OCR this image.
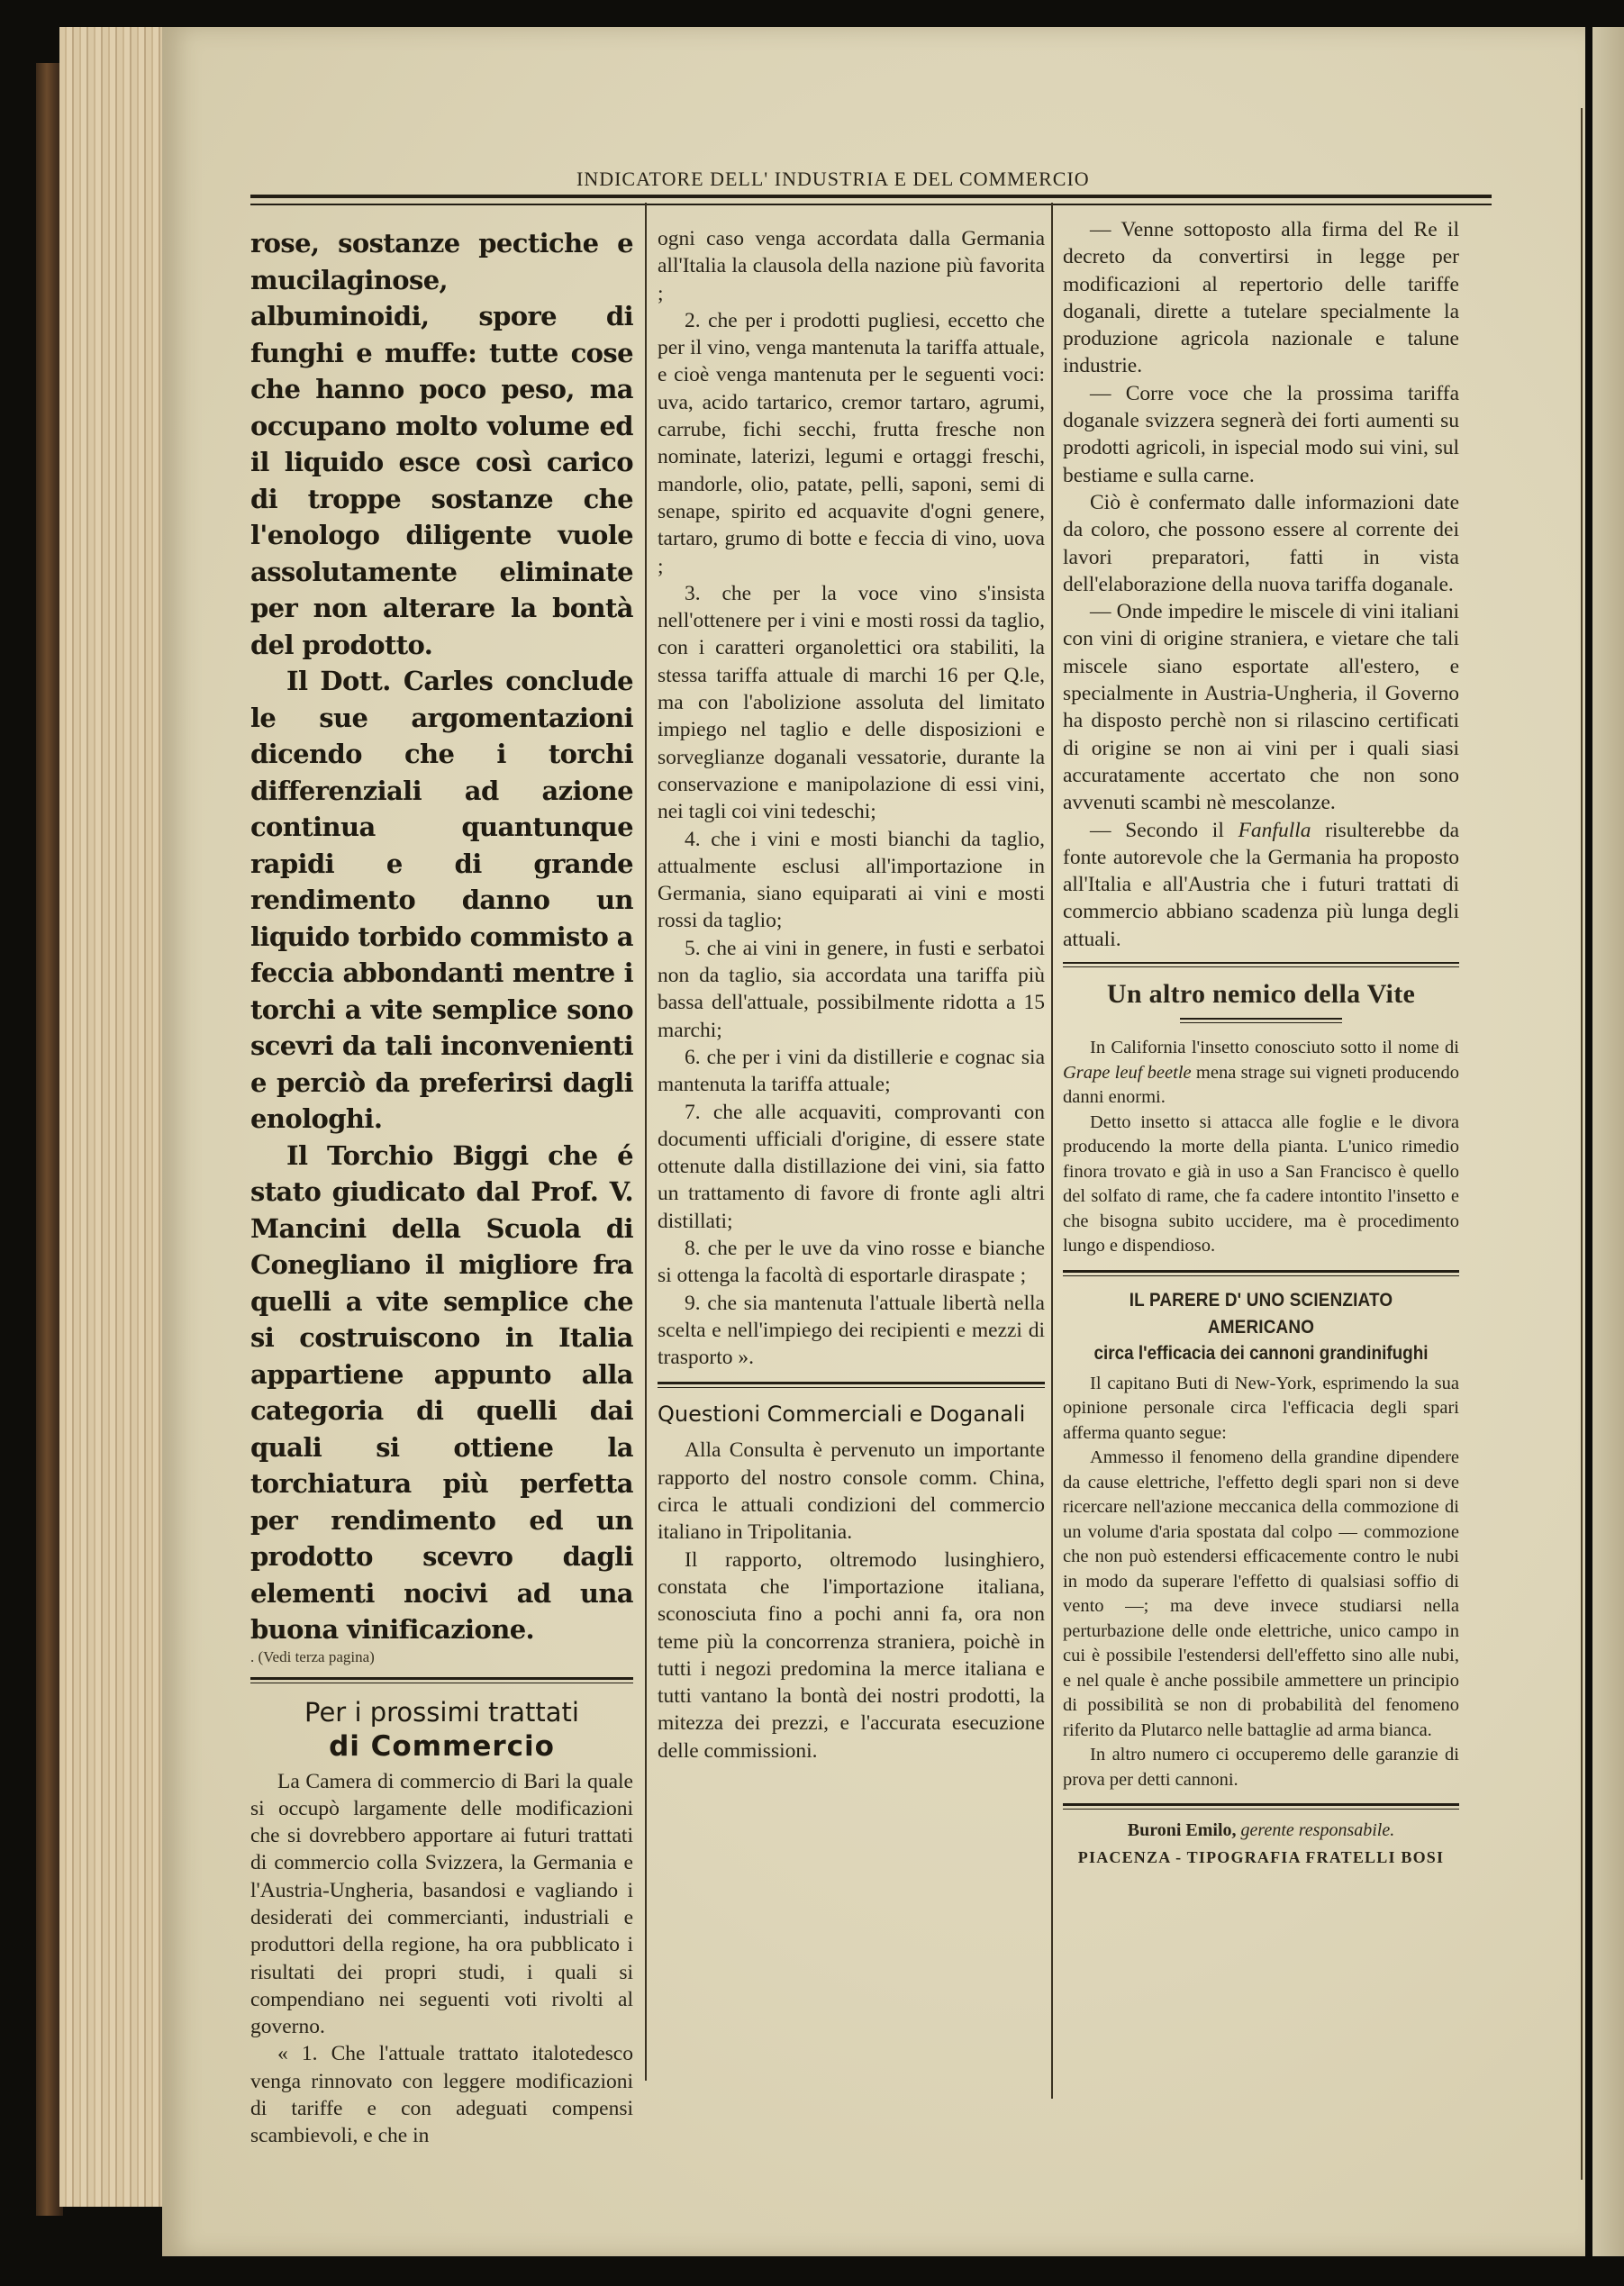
INDICATORE DELL' INDUSTRIA E DEL COMMERCIO

rose, sostanze pectiche e mucilaginose, albuminoidi, spore di funghi e muffe: tutte cose che hanno poco peso, ma occupano molto volume ed il liquido esce così carico di troppe sostanze che l'enologo diligente vuole assolutamente eliminate per non alterare la bontà del prodotto.

Il Dott. Carles conclude le sue argomentazioni dicendo che i torchi differenziali ad azione continua quantunque rapidi e di grande rendimento danno un liquido torbido commisto a feccia abbondanti mentre i torchi a vite semplice sono scevri da tali inconvenienti e perciò da preferirsi dagli enologhi.

Il Torchio Biggi che é stato giudicato dal Prof. V. Mancini della Scuola di Conegliano il migliore fra quelli a vite semplice che si costruiscono in Italia appartiene appunto alla categoria di quelli dai quali si ottiene la torchiatura più perfetta per rendimento ed un prodotto scevro dagli elementi nocivi ad una buona vinificazione.

. (Vedi terza pagina)

Per i prossimi trattati
di Commercio

La Camera di commercio di Bari la quale si occupò largamente delle modificazioni che si dovrebbero apportare ai futuri trattati di commercio colla Svizzera, la Germania e l'Austria-Ungheria, basandosi e vagliando i desiderati dei commercianti, industriali e produttori della regione, ha ora pubblicato i risultati dei propri studi, i quali si compendiano nei seguenti voti rivolti al governo.

« 1. Che l'attuale trattato italotedesco venga rinnovato con leggere modificazioni di tariffe e con adeguati compensi scambievoli, e che in

ogni caso venga accordata dalla Germania all'Italia la clausola della nazione più favorita ;

2. che per i prodotti pugliesi, eccetto che per il vino, venga mantenuta la tariffa attuale, e cioè venga mantenuta per le seguenti voci: uva, acido tartarico, cremor tartaro, agrumi, carrube, fichi secchi, frutta fresche non nominate, laterizi, legumi e ortaggi freschi, mandorle, olio, patate, pelli, saponi, semi di senape, spirito ed acquavite d'ogni genere, tartaro, grumo di botte e feccia di vino, uova ;

3. che per la voce vino s'insista nell'ottenere per i vini e mosti rossi da taglio, con i caratteri organolettici ora stabiliti, la stessa tariffa attuale di marchi 16 per Q.le, ma con l'abolizione assoluta del limitato impiego nel taglio e delle disposizioni e sorveglianze doganali vessatorie, durante la conservazione e manipolazione di essi vini, nei tagli coi vini tedeschi;

4. che i vini e mosti bianchi da taglio, attualmente esclusi all'importazione in Germania, siano equiparati ai vini e mosti rossi da taglio;

5. che ai vini in genere, in fusti e serbatoi non da taglio, sia accordata una tariffa più bassa dell'attuale, possibilmente ridotta a 15 marchi;

6. che per i vini da distillerie e cognac sia mantenuta la tariffa attuale;

7. che alle acquaviti, comprovanti con documenti ufficiali d'origine, di essere state ottenute dalla distillazione dei vini, sia fatto un trattamento di favore di fronte agli altri distillati;

8. che per le uve da vino rosse e bianche si ottenga la facoltà di esportarle diraspate ;

9. che sia mantenuta l'attuale libertà nella scelta e nell'impiego dei recipienti e mezzi di trasporto ».

Questioni Commerciali e Doganali

Alla Consulta è pervenuto un importante rapporto del nostro console comm. China, circa le attuali condizioni del commercio italiano in Tripolitania.

Il rapporto, oltremodo lusinghiero, constata che l'importazione italiana, sconosciuta fino a pochi anni fa, ora non teme più la concorrenza straniera, poichè in tutti i negozi predomina la merce italiana e tutti vantano la bontà dei nostri prodotti, la mitezza dei prezzi, e l'accurata esecuzione delle commissioni.

— Venne sottoposto alla firma del Re il decreto da convertirsi in legge per modificazioni al repertorio delle tariffe doganali, dirette a tutelare specialmente la produzione agricola nazionale e talune industrie.

— Corre voce che la prossima tariffa doganale svizzera segnerà dei forti aumenti su prodotti agricoli, in ispecial modo sui vini, sul bestiame e sulla carne.

Ciò è confermato dalle informazioni date da coloro, che possono essere al corrente dei lavori preparatori, fatti in vista dell'elaborazione della nuova tariffa doganale.

— Onde impedire le miscele di vini italiani con vini di origine straniera, e vietare che tali miscele siano esportate all'estero, e specialmente in Austria-Ungheria, il Governo ha disposto perchè non si rilascino certificati di origine se non ai vini per i quali siasi accuratamente accertato che non sono avvenuti scambi nè mescolanze.

— Secondo il Fanfulla risulterebbe da fonte autorevole che la Germania ha proposto all'Italia e all'Austria che i futuri trattati di commercio abbiano scadenza più lunga degli attuali.

Un altro nemico della Vite

In California l'insetto conosciuto sotto il nome di Grape leuf beetle mena strage sui vigneti producendo danni enormi.

Detto insetto si attacca alle foglie e le divora producendo la morte della pianta. L'unico rimedio finora trovato e già in uso a San Francisco è quello del solfato di rame, che fa cadere intontito l'insetto e che bisogna subito uccidere, ma è procedimento lungo e dispendioso.

IL PARERE D' UNO SCIENZIATO AMERICANO
circa l'efficacia dei cannoni grandinifughi

Il capitano Buti di New-York, esprimendo la sua opinione personale circa l'efficacia degli spari afferma quanto segue:

Ammesso il fenomeno della grandine dipendere da cause elettriche, l'effetto degli spari non si deve ricercare nell'azione meccanica della commozione di un volume d'aria spostata dal colpo — commozione che non può estendersi efficacemente contro le nubi in modo da superare l'effetto di qualsiasi soffio di vento —; ma deve invece studiarsi nella perturbazione delle onde elettriche, unico campo in cui è possibile l'estendersi dell'effetto sino alle nubi, e nel quale è anche possibile ammettere un principio di possibilità se non di probabilità del fenomeno riferito da Plutarco nelle battaglie ad arma bianca.

In altro numero ci occuperemo delle garanzie di prova per detti cannoni.

Buroni Emilo, gerente responsabile.
PIACENZA - TIPOGRAFIA FRATELLI BOSI
